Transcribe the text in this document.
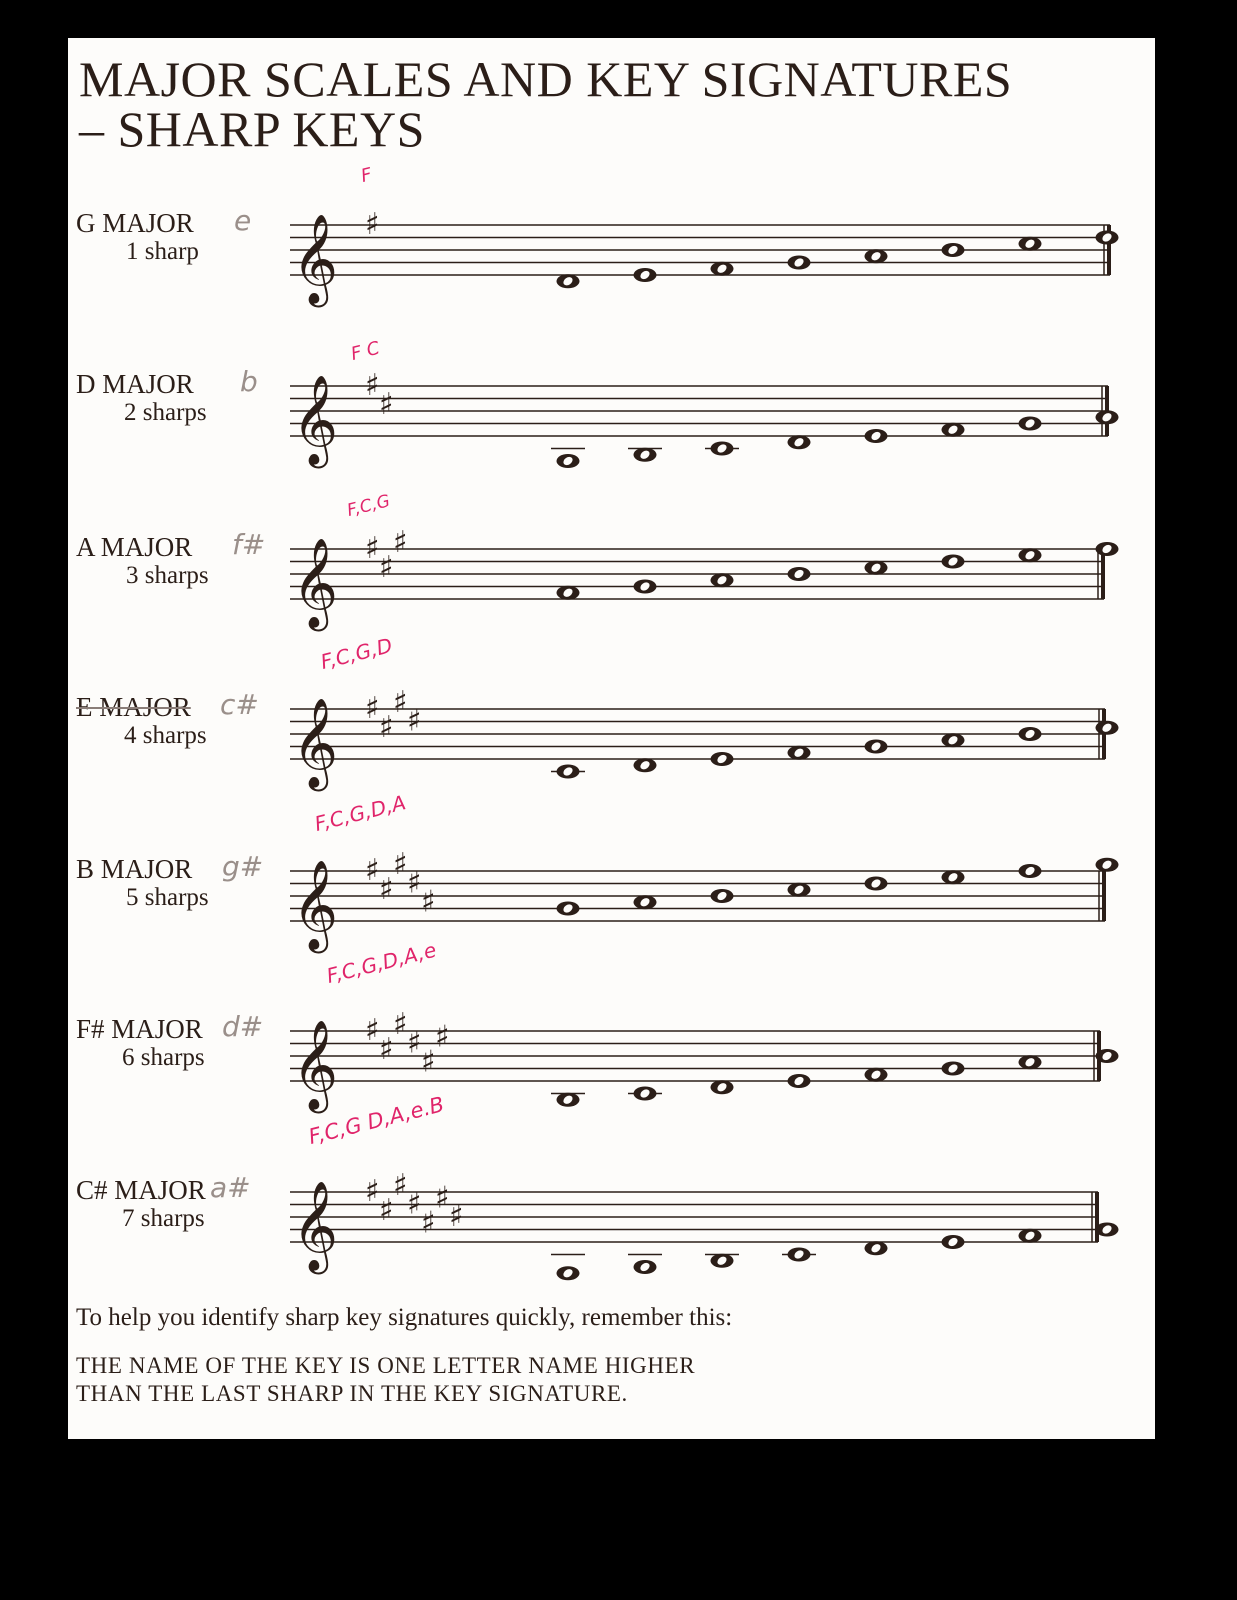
MAJOR SCALES AND KEY SIGNATURES
– SHARP KEYS
G MAJOR
1 sharp
e
F
𝄞 ♯
D MAJOR
2 sharps
b
F C
𝄞 ♯
♯
A MAJOR
3 sharps
f#
F,C,G
𝄞 ♯
♯
♯
E MAJOR
4 sharps
c#
F,C,G,D
𝄞 ♯
♯
♯
♯
B MAJOR
5 sharps
g#
F,C,G,D,A
𝄞 ♯
♯
♯
♯
♯
F# MAJOR
6 sharps
d#
F,C,G,D,A,e
𝄞 ♯
♯
♯
♯
♯
♯
C# MAJOR
7 sharps
a#
F,C,G D,A,e.B
𝄞 ♯
♯
♯
♯
♯
♯
♯

To help you identify sharp key signatures quickly, remember this:

THE NAME OF THE KEY IS ONE LETTER NAME HIGHER

THAN THE LAST SHARP IN THE KEY SIGNATURE.
